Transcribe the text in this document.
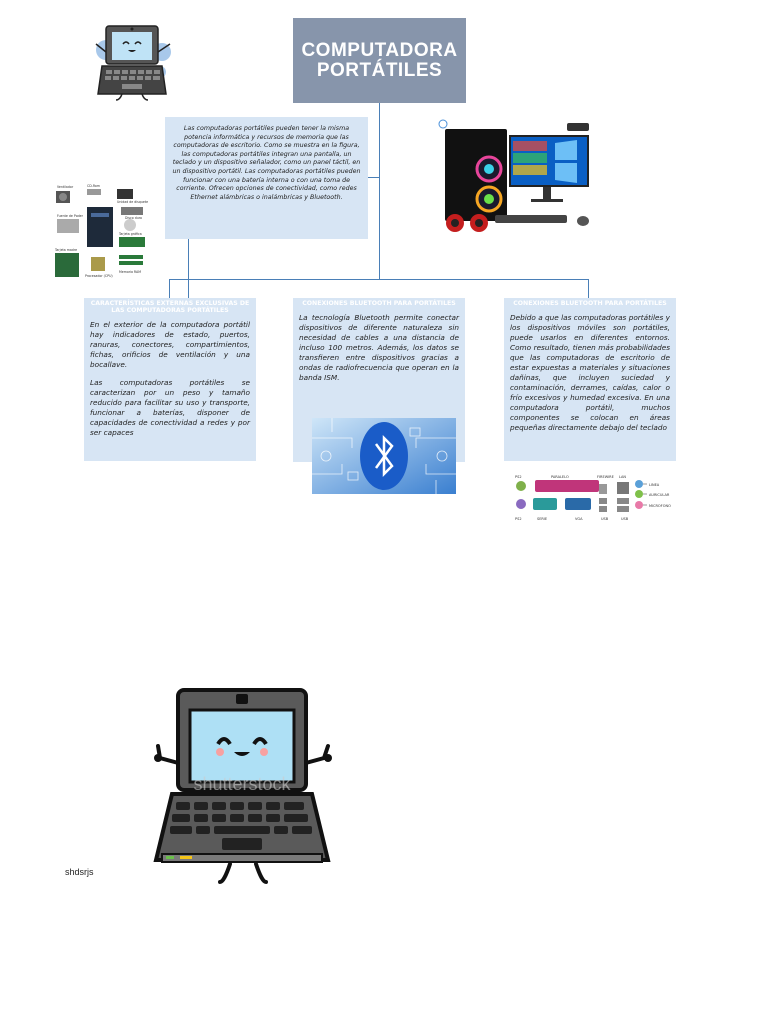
COMPUTADORA
PORTÁTILES
Las computadoras portátiles pueden tener la misma potencia informática y recursos de memoria que las computadoras de escritorio. Como se muestra en la figura, las computadoras portátiles integran una pantalla, un teclado y un dispositivo señalador, como un panel táctil, en un dispositivo portátil. Las computadoras portátiles pueden funcionar con una batería interna o con una toma de corriente. Ofrecen opciones de conectividad, como redes Ethernet alámbricas o inalámbricas y Bluetooth.
CARACTERÍSTICAS EXTERNAS EXCLUSIVAS DE LAS COMPUTADORAS PORTÁTILES

En el exterior de la computadora portátil hay indicadores de estado, puertos, ranuras, conectores, compartimientos, fichas, orificios de ventilación y una bocallave.

Las computadoras portátiles se caracterizan por un peso y tamaño reducido para facilitar su uso y transporte, funcionar a baterías, disponer de capacidades de conectividad a redes y por ser capaces

CONEXIONES BLUETOOTH PARA PORTÁTILES

La tecnología Bluetooth permite conectar dispositivos de diferente naturaleza sin necesidad de cables a una distancia de incluso 100 metros. Además, los datos se transfieren entre dispositivos gracias a ondas de radiofrecuencia que operan en la banda ISM.

CONEXIONES BLUETOOTH PARA PORTÁTILES

Debido a que las computadoras portátiles y los dispositivos móviles son portátiles, puede usarlos en diferentes entornos. Como resultado, tienen más probabilidades que las computadoras de escritorio de estar expuestas a materiales y situaciones dañinas, que incluyen suciedad y contaminación, derrames, caídas, calor o frío excesivos y humedad excesiva. En una computadora portátil, muchos componentes se colocan en áreas pequeñas directamente debajo del teclado

Ventilador	CD-Rom
Unidad de disquete
Fuente de Poder	Disco duro
Tarjeta gráfica
Tarjeta madre
Procesador (CPU)
Memoria RAM
PS2
PS2	SERIE
PARALELO
VGA
FIREWIRE
USB
LAN
USB
LINEA
AURICULAR
MICROFONO
shutterstock
shdsrjs
